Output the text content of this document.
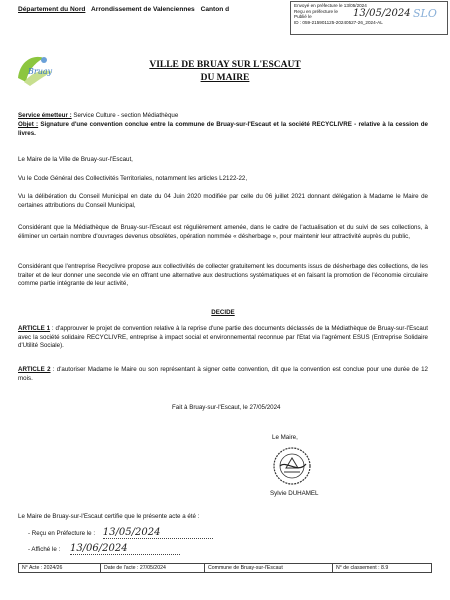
Département du Nord Arrondissement de Valenciennes Canton d
Envoyé en préfecture le 13/05/2024
Reçu en préfecture le	13/05/2024 SLO
Publié le
ID : 059-215901125-20240527-26_2024-AL
Bruay
VILLE DE BRUAY SUR L'ESCAUT
DU MAIRE
Service émetteur : Service Culture - section Médiathèque
Objet : Signature d'une convention conclue entre la commune de Bruay-sur-l'Escaut et la société RECYCLIVRE - relative à la cession de livres.
Le Maire de la Ville de Bruay-sur-l'Escaut,
Vu le Code Général des Collectivités Territoriales, notamment les articles L2122-22,
Vu la délibération du Conseil Municipal en date du 04 Juin 2020 modifiée par celle du 06 juillet 2021 donnant délégation à Madame le Maire de certaines attributions du Conseil Municipal,
Considérant que la Médiathèque de Bruay-sur-l'Escaut est régulièrement amenée, dans le cadre de l'actualisation et du suivi de ses collections, à éliminer un certain nombre d'ouvrages devenus obsolètes, opération nommée « désherbage », pour maintenir leur attractivité auprès du public,
Considérant que l'entreprise Recyclivre propose aux collectivités de collecter gratuitement les documents issus de désherbage des collections, de les traiter et de leur donner une seconde vie en offrant une alternative aux destructions systématiques et en faisant la promotion de l'économie circulaire comme partie intégrante de leur activité,
DECIDE
ARTICLE 1 : d'approuver le projet de convention relative à la reprise d'une partie des documents déclassés de la Médiathèque de Bruay-sur-l'Escaut avec la société solidaire RECYCLIVRE, entreprise à impact social et environnemental reconnue par l'Etat via l'agrément ESUS (Entreprise Solidaire d'Utilité Sociale).
ARTICLE 2 : d'autoriser Madame le Maire ou son représentant à signer cette convention, dit que la convention est conclue pour une durée de 12 mois.
Fait à Bruay-sur-l'Escaut, le 27/05/2024
Le Maire,
Sylvie DUHAMEL
Le Maire de Bruay-sur-l'Escaut certifie que le présente acte a été :
- Reçu en Préfecture le : 13/05/2024
- Affiché le : 13/06/2024
N° Acte : 2024/26	Date de l'acte : 27/05/2024	Commune de Bruay-sur-l'Escaut	N° de classement : 8.9
